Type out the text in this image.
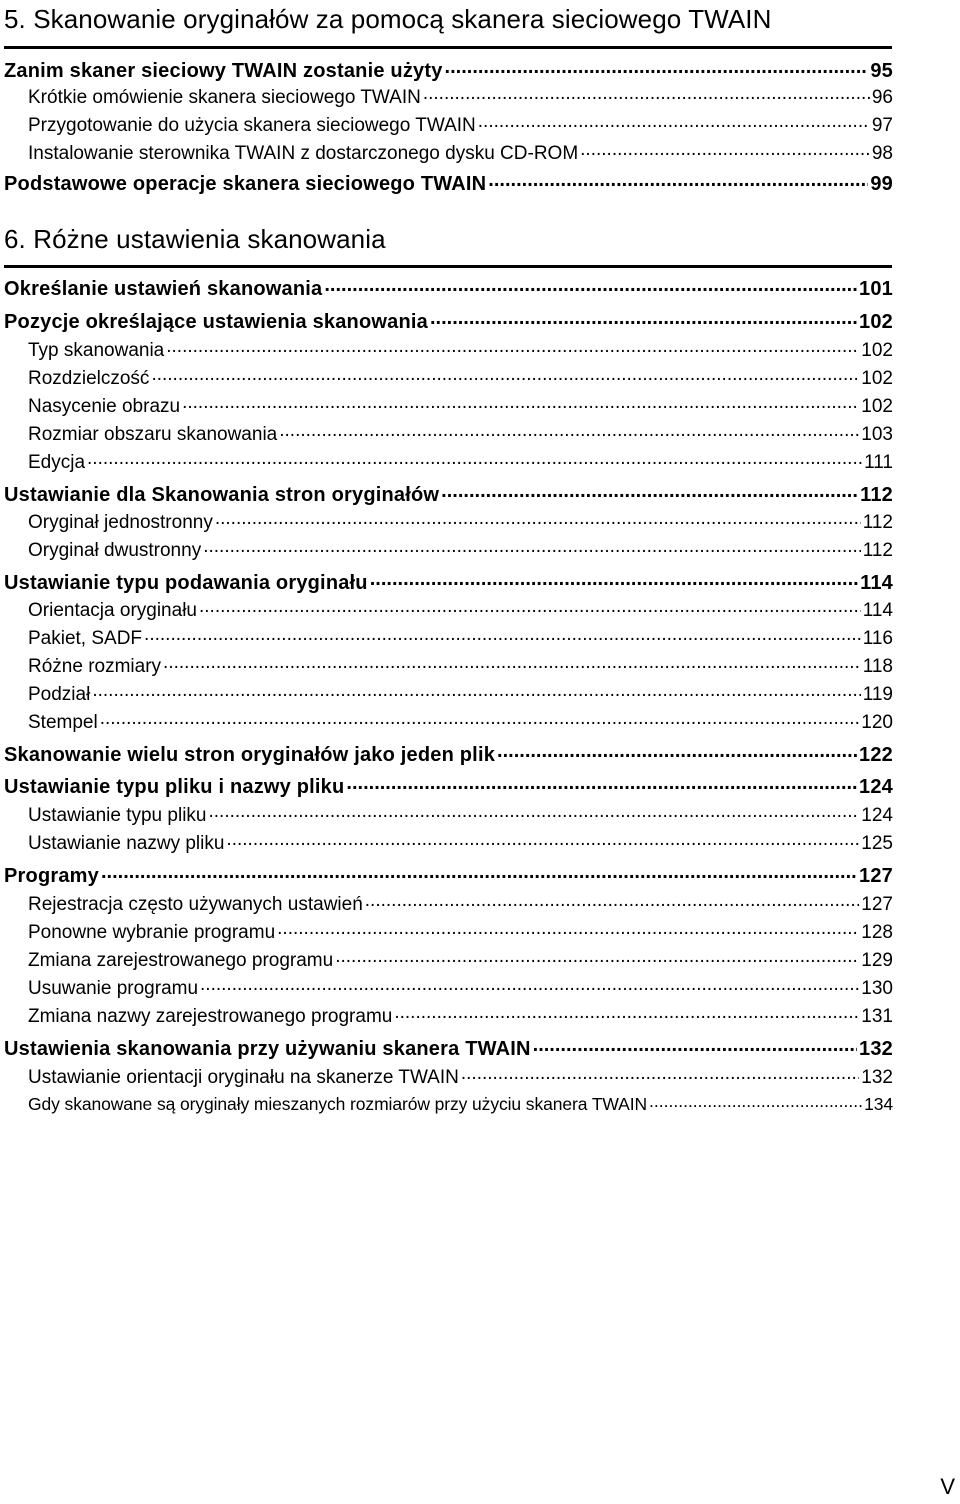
5. Skanowanie oryginałów za pomocą skanera sieciowego TWAIN
Zanim skaner sieciowy TWAIN zostanie użyty .....	95
Krótkie omówienie skanera sieciowego TWAIN .....	96
Przygotowanie do użycia skanera sieciowego TWAIN .....	97
Instalowanie sterownika TWAIN z dostarczonego dysku CD-ROM .....	98
Podstawowe operacje skanera sieciowego TWAIN .....	99
6. Różne ustawienia skanowania
Określanie ustawień skanowania .....	101
Pozycje określające ustawienia skanowania .....	102
Typ skanowania .....	102
Rozdzielczość .....	102
Nasycenie obrazu .....	102
Rozmiar obszaru skanowania .....	103
Edycja .....	111
Ustawianie dla Skanowania stron oryginałów .....	112
Oryginał jednostronny .....	112
Oryginał dwustronny .....	112
Ustawianie typu podawania oryginału .....	114
Orientacja oryginału .....	114
Pakiet, SADF .....	116
Różne rozmiary .....	118
Podział .....	119
Stempel .....	120
Skanowanie wielu stron oryginałów jako jeden plik .....	122
Ustawianie typu pliku i nazwy pliku .....	124
Ustawianie typu pliku .....	124
Ustawianie nazwy pliku .....	125
Programy .....	127
Rejestracja często używanych ustawień .....	127
Ponowne wybranie programu .....	128
Zmiana zarejestrowanego programu .....	129
Usuwanie programu .....	130
Zmiana nazwy zarejestrowanego programu .....	131
Ustawienia skanowania przy używaniu skanera TWAIN .....	132
Ustawianie orientacji oryginału na skanerze TWAIN .....	132
Gdy skanowane są oryginały mieszanych rozmiarów przy użyciu skanera TWAIN .....	134
V
